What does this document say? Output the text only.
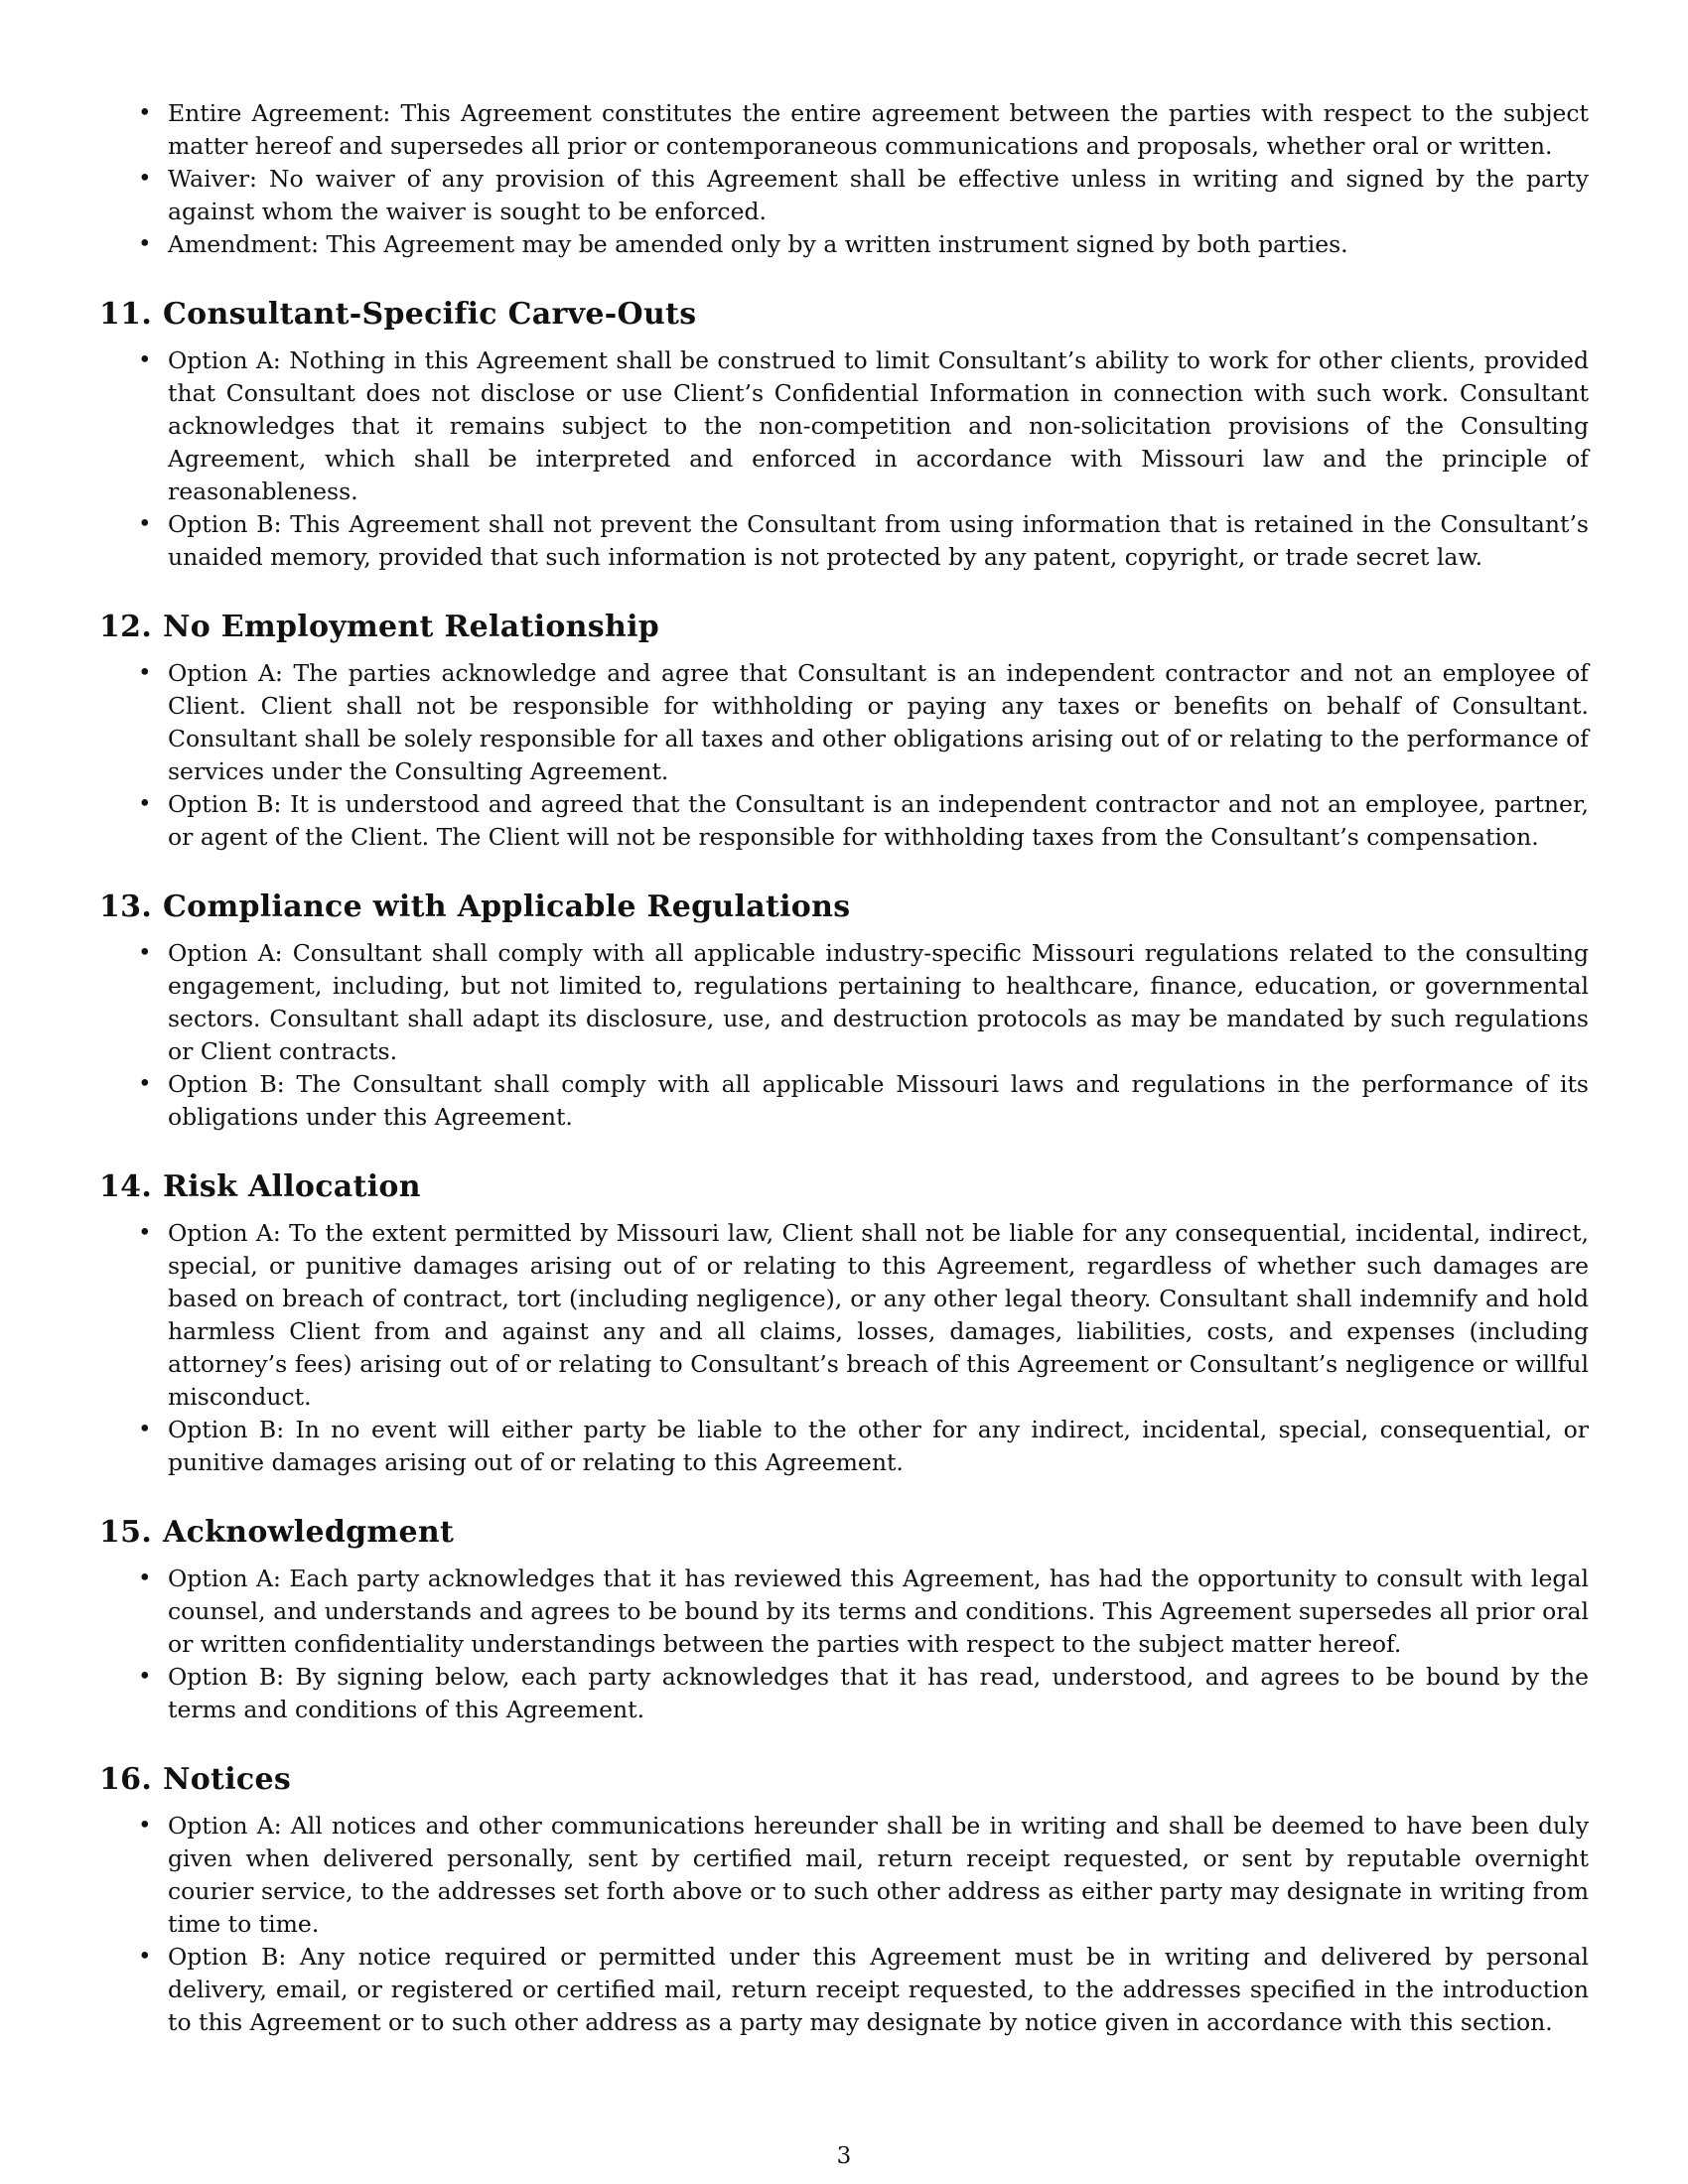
• Entire Agreement: This Agreement constitutes the entire agreement between the parties with respect to the subject matter hereof and supersedes all prior or contemporaneous communications and proposals, whether oral or written.
• Waiver: No waiver of any provision of this Agreement shall be effective unless in writing and signed by the party against whom the waiver is sought to be enforced.
• Amendment: This Agreement may be amended only by a written instrument signed by both parties.
11. Consultant-Specific Carve-Outs
• Option A: Nothing in this Agreement shall be construed to limit Consultant’s ability to work for other clients, provided that Consultant does not disclose or use Client’s Confidential Information in connection with such work. Consultant acknowledges that it remains subject to the non-competition and non-solicitation provisions of the Consulting Agreement, which shall be interpreted and enforced in accordance with Missouri law and the principle of reasonableness.
• Option B: This Agreement shall not prevent the Consultant from using information that is retained in the Consultant’s unaided memory, provided that such information is not protected by any patent, copyright, or trade secret law.
12. No Employment Relationship
• Option A: The parties acknowledge and agree that Consultant is an independent contractor and not an employee of Client. Client shall not be responsible for withholding or paying any taxes or benefits on behalf of Consultant. Consultant shall be solely responsible for all taxes and other obligations arising out of or relating to the performance of services under the Consulting Agreement.
• Option B: It is understood and agreed that the Consultant is an independent contractor and not an employee, partner, or agent of the Client. The Client will not be responsible for withholding taxes from the Consultant’s compensation.
13. Compliance with Applicable Regulations
• Option A: Consultant shall comply with all applicable industry-specific Missouri regulations related to the consulting engagement, including, but not limited to, regulations pertaining to healthcare, finance, education, or governmental sectors. Consultant shall adapt its disclosure, use, and destruction protocols as may be mandated by such regulations or Client contracts.
• Option B: The Consultant shall comply with all applicable Missouri laws and regulations in the performance of its obligations under this Agreement.
14. Risk Allocation
• Option A: To the extent permitted by Missouri law, Client shall not be liable for any consequential, incidental, indirect, special, or punitive damages arising out of or relating to this Agreement, regardless of whether such damages are based on breach of contract, tort (including negligence), or any other legal theory. Consultant shall indemnify and hold harmless Client from and against any and all claims, losses, damages, liabilities, costs, and expenses (including attorney’s fees) arising out of or relating to Consultant’s breach of this Agreement or Consultant’s negligence or willful misconduct.
• Option B: In no event will either party be liable to the other for any indirect, incidental, special, consequential, or punitive damages arising out of or relating to this Agreement.
15. Acknowledgment
• Option A: Each party acknowledges that it has reviewed this Agreement, has had the opportunity to consult with legal counsel, and understands and agrees to be bound by its terms and conditions. This Agreement supersedes all prior oral or written confidentiality understandings between the parties with respect to the subject matter hereof.
• Option B: By signing below, each party acknowledges that it has read, understood, and agrees to be bound by the terms and conditions of this Agreement.
16. Notices
• Option A: All notices and other communications hereunder shall be in writing and shall be deemed to have been duly given when delivered personally, sent by certified mail, return receipt requested, or sent by reputable overnight courier service, to the addresses set forth above or to such other address as either party may designate in writing from time to time.
• Option B: Any notice required or permitted under this Agreement must be in writing and delivered by personal delivery, email, or registered or certified mail, return receipt requested, to the addresses specified in the introduction to this Agreement or to such other address as a party may designate by notice given in accordance with this section.
3
